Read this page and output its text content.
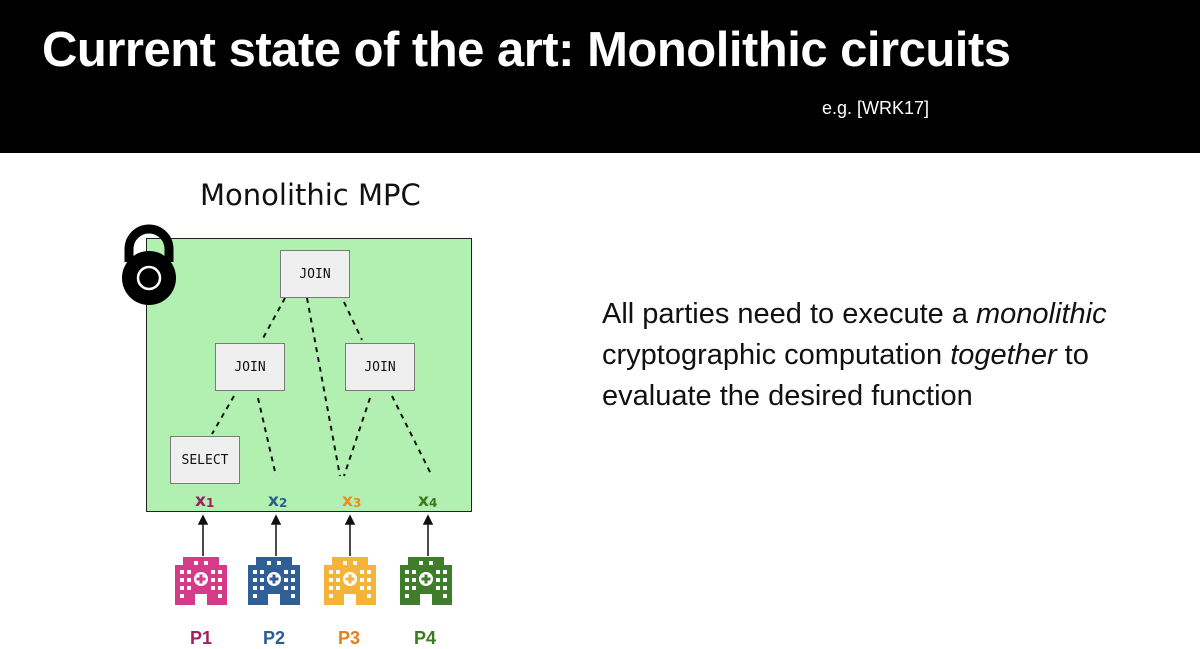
Current state of the art: Monolithic circuits
e.g. [WRK17]
Monolithic MPC
JOIN
JOIN	JOIN
SELECT
$x_1$	$x_2$	$x_3$	$x_4$
P1	P2	P3	P4
All parties need to execute a monolithic cryptographic computation together to evaluate the desired function
